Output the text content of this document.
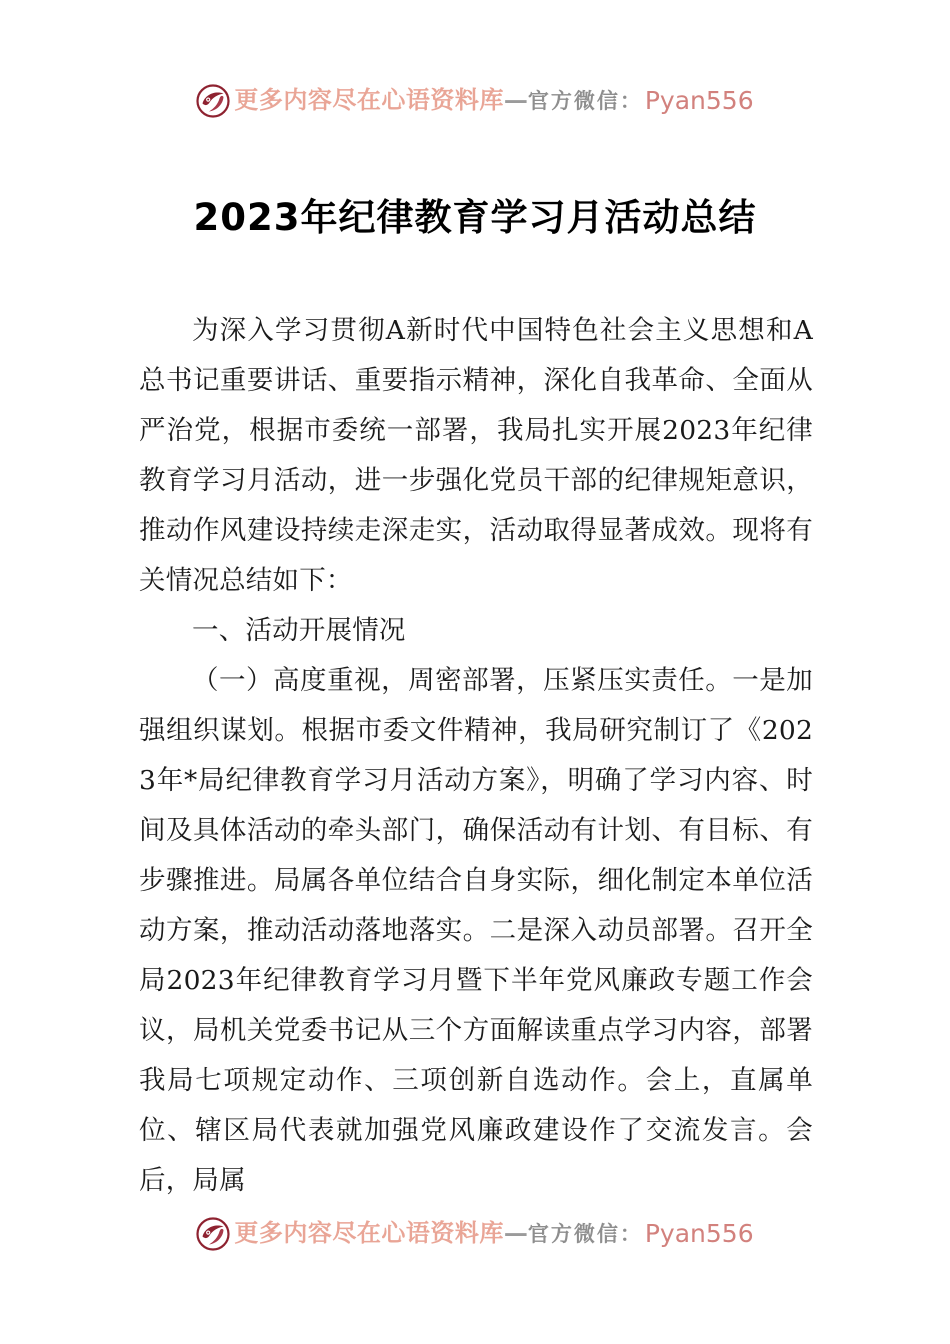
更多内容尽在心语资料库 — 官方微信： Pyan556
2023年纪律教育学习月活动总结

为深入学习贯彻A新时代中国特色社会主义思想和A总书记重要讲话、重要指示精神，深化自我革命、全面从严治党，根据市委统一部署，我局扎实开展2023年纪律教育学习月活动，进一步强化党员干部的纪律规矩意识，推动作风建设持续走深走实，活动取得显著成效。现将有关情况总结如下：

一、活动开展情况

（一）高度重视，周密部署，压紧压实责任。一是加强组织谋划。根据市委文件精神，我局研究制订了《2023年*局纪律教育学习月活动方案》，明确了学习内容、时间及具体活动的牵头部门，确保活动有计划、有目标、有步骤推进。局属各单位结合自身实际，细化制定本单位活动方案，推动活动落地落实。二是深入动员部署。召开全局2023年纪律教育学习月暨下半年党风廉政专题工作会议，局机关党委书记从三个方面解读重点学习内容，部署我局七项规定动作、三项创新自选动作。会上，直属单位、辖区局代表就加强党风廉政建设作了交流发言。会后，局属

更多内容尽在心语资料库 — 官方微信： Pyan556
